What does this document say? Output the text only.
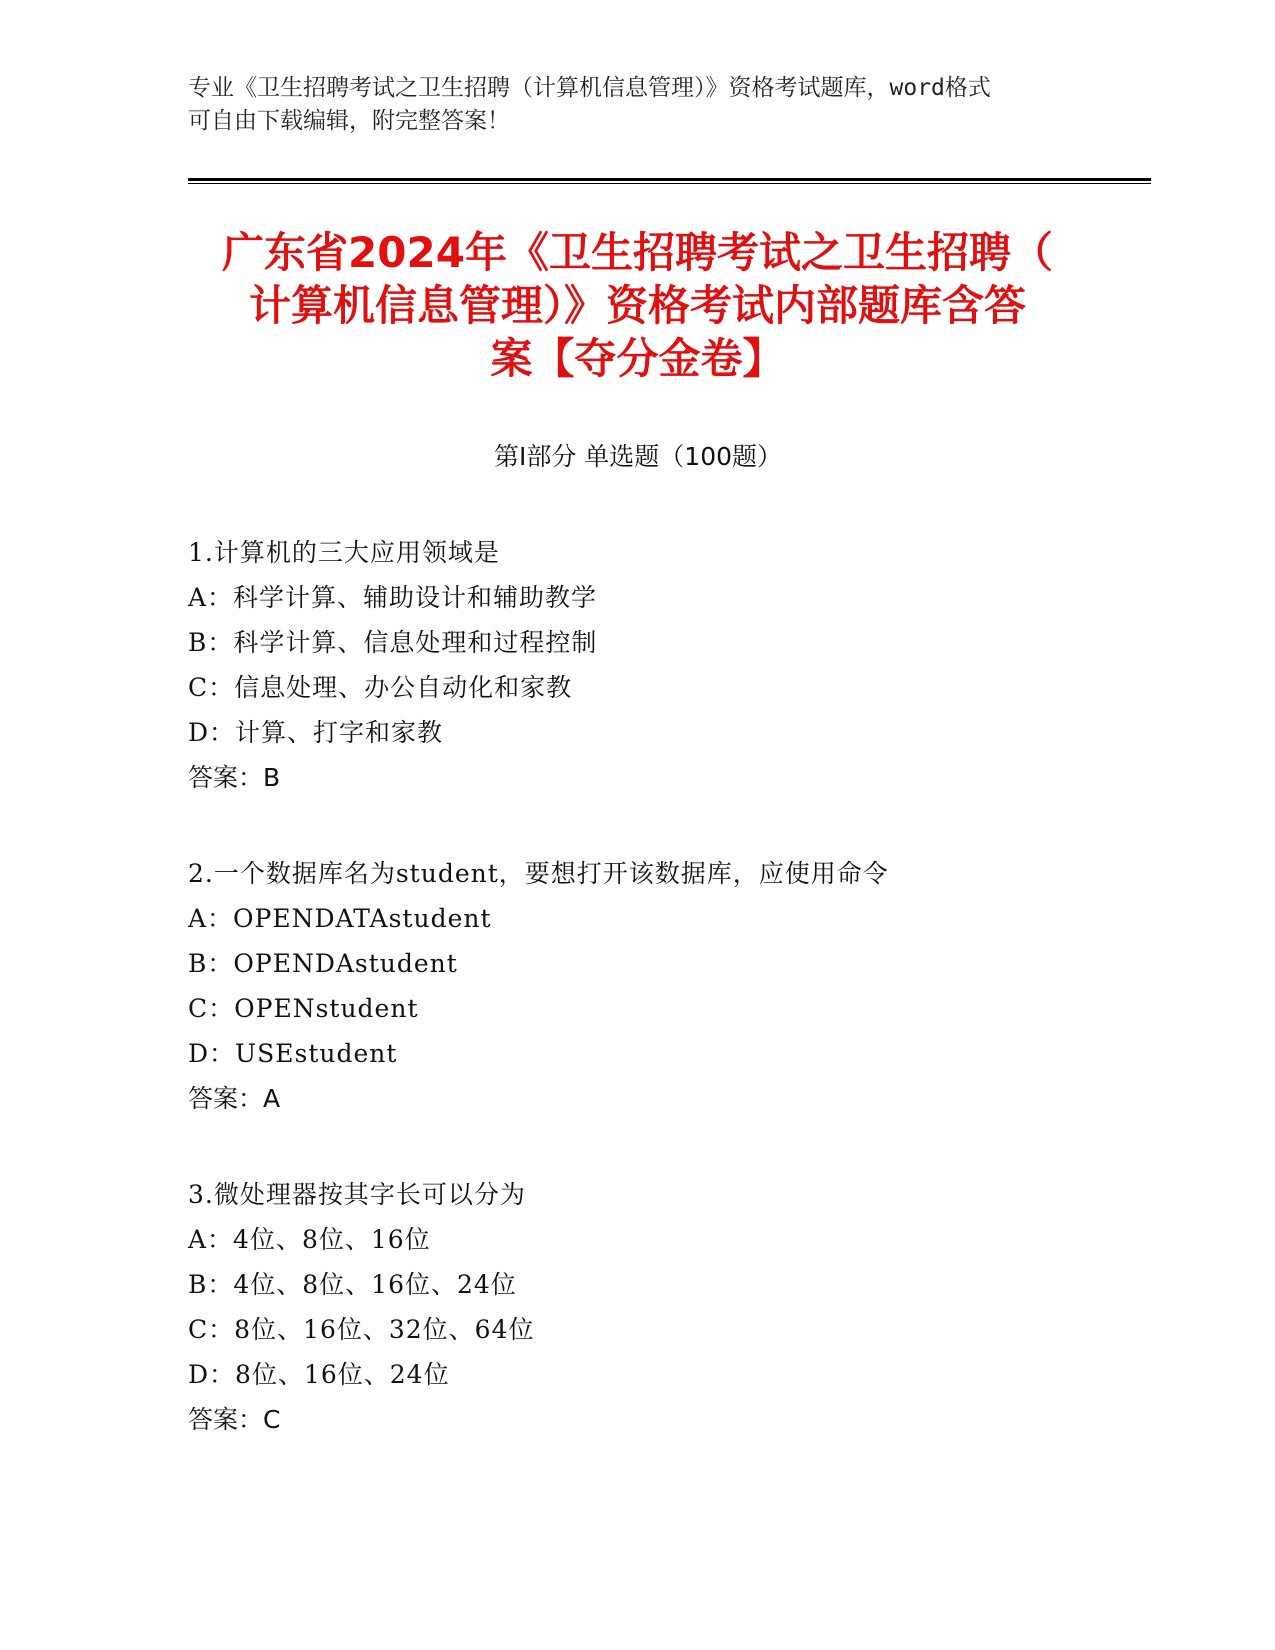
专业《卫生招聘考试之卫生招聘（计算机信息管理）》资格考试题库，word格式
可自由下载编辑，附完整答案！
广东省2024年《卫生招聘考试之卫生招聘（
计算机信息管理）》资格考试内部题库含答
案【夺分金卷】
第I部分 单选题（100题）
1.计算机的三大应用领域是
A：科学计算、辅助设计和辅助教学
B：科学计算、信息处理和过程控制
C：信息处理、办公自动化和家教
D：计算、打字和家教
答案：B
2.一个数据库名为student，要想打开该数据库，应使用命令
A：OPENDATAstudent
B：OPENDAstudent
C：OPENstudent
D：USEstudent
答案：A
3.微处理器按其字长可以分为
A：4位、8位、16位
B：4位、8位、16位、24位
C：8位、16位、32位、64位
D：8位、16位、24位
答案：C
